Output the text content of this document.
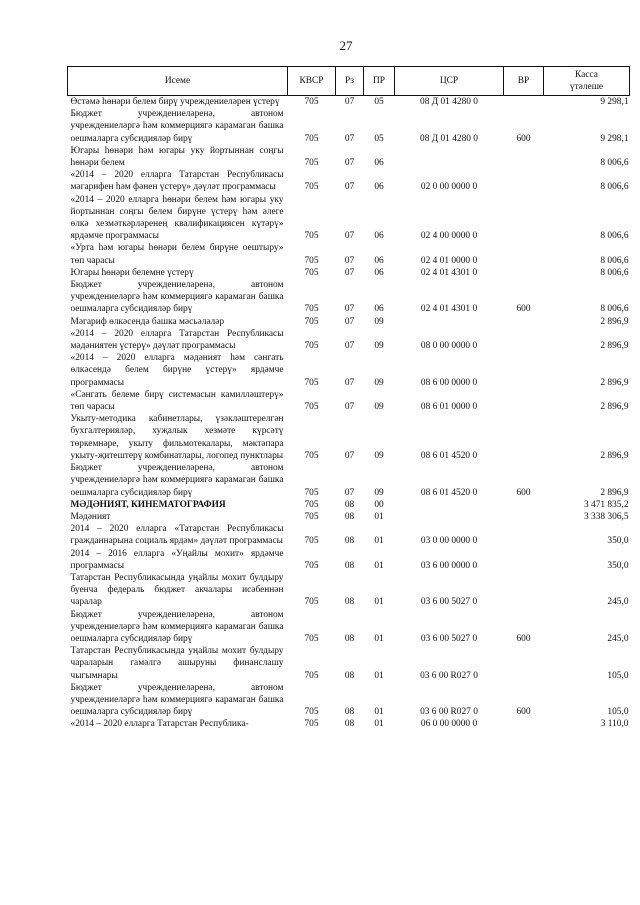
27
Исеме	КВСР	Рз	ПР	ЦСР	ВР	Касса
үтәлеше

Өстәмә һөнәри белем бирү учреждениеләрен үстерү	705	07	05	08 Д 01 4280 0		9 298,1
Бюджет учреждениеләренә, автоном учреждениеләргә һәм коммерциягә карамаган башка оешмаларга субсидияләр бирү	705	07	05	08 Д 01 4280 0	600	9 298,1
Югары һөнәри һәм югары уку йортыннан соңгы һөнәри белем	705	07	06			8 006,6
«2014 – 2020 елларга Татарстан Республикасы мәгарифен һәм фәнен үстерү» дәүләт программасы	705	07	06	02 0 00 0000 0		8 006,6
«2014 – 2020 елларга һөнәри белем һәм югары уку йортыннан соңгы белем бирүне үстерү һәм әлеге өлкә хезмәткәрләренең квалификациясен күтәрү» ярдәмче программасы	705	07	06	02 4 00 0000 0		8 006,6
«Урта һәм югары һөнәри белем бирүне оештыру» төп чарасы	705	07	06	02 4 01 0000 0		8 006,6
Югары һөнәри белемне үстерү	705	07	06	02 4 01 4301 0		8 006,6
Бюджет учреждениеләренә, автоном учреждениеләргә һәм коммерциягә карамаган башка оешмаларга субсидияләр бирү	705	07	06	02 4 01 4301 0	600	8 006,6
Мәгариф өлкәсендә башка мәсьәләләр	705	07	09			2 896,9
«2014 – 2020 елларга Татарстан Республикасы мәдәниятен үстерү» дәүләт программасы	705	07	09	08 0 00 0000 0		2 896,9
«2014 – 2020 елларга мәдәният һәм сәнгать өлкәсендә белем бирүне үстерү» ярдәмче программасы	705	07	09	08 6 00 0000 0		2 896,9
«Сәнгать белеме бирү системасын камилләштерү» төп чарасы	705	07	09	08 6 01 0000 0		2 896,9
Укыту-методика кабинетлары, үзәкләштерелгән бухгалтерияләр, хуҗалык хезмәте күрсәтү төркемнәре, укыту фильмотекалары, мәктәпара укыту-җитештерү комбинатлары, логопед пунктлары	705	07	09	08 6 01 4520 0		2 896,9
Бюджет учреждениеләренә, автоном учреждениеләргә һәм коммерциягә карамаган башка оешмаларга субсидияләр бирү	705	07	09	08 6 01 4520 0	600	2 896,9
МӘДӘНИЯТ, КИНЕМАТОГРАФИЯ	705	08	00			3 471 835,2
Мәдәният	705	08	01			3 338 306,5
2014 – 2020 елларга «Татарстан Республикасы гражданнарына социаль ярдәм» дәүләт программасы	705	08	01	03 0 00 0000 0		350,0
2014 – 2016 елларга «Уңайлы мохит» ярдәмче программасы	705	08	01	03 6 00 0000 0		350,0
Татарстан Республикасында уңайлы мохит булдыру буенча федераль бюджет акчалары исәбеннән чаралар	705	08	01	03 6 00 5027 0		245,0
Бюджет учреждениеләренә, автоном учреждениеләргә һәм коммерциягә карамаган башка оешмаларга субсидияләр бирү	705	08	01	03 6 00 5027 0	600	245,0
Татарстан Республикасында уңайлы мохит булдыру чараларын гамәлгә ашыруны финанслашу чыгымнары	705	08	01	03 6 00 R027 0		105,0
Бюджет учреждениеләренә, автоном учреждениеләргә һәм коммерциягә карамаган башка оешмаларга субсидияләр бирү	705	08	01	03 6 00 R027 0	600	105,0
«2014 – 2020 елларга Татарстан Республика-	705	08	01	06 0 00 0000 0		3 110,0
